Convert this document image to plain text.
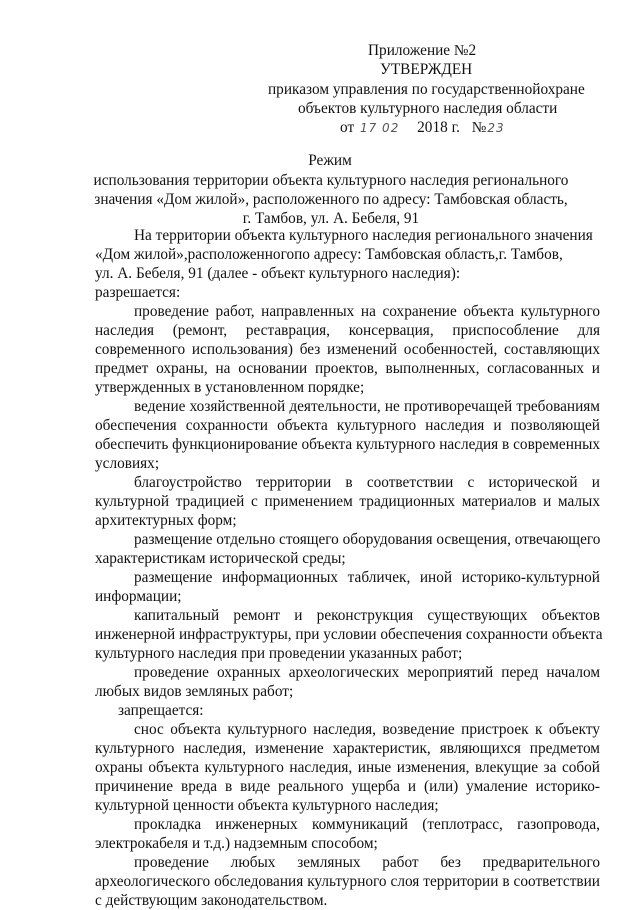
Приложение №2
УТВЕРЖДЕН
приказом управления по государственнойохране
объектов культурного наследия области
от 17 02 2018 г. №23
Режим
использования территории объекта культурного наследия регионального
значения «Дом жилой», расположенного по адресу: Тамбовская область,
г. Тамбов, ул. А. Бебеля, 91
На территории объекта культурного наследия регионального значения
«Дом жилой»,расположенногопо адресу: Тамбовская область,г. Тамбов,
ул. А. Бебеля, 91 (далее - объект культурного наследия):
разрешается:
проведение работ, направленных на сохранение объекта культурного
наследия (ремонт, реставрация, консервация, приспособление для
современного использования) без изменений особенностей, составляющих
предмет охраны, на основании проектов, выполненных, согласованных и
утвержденных в установленном порядке;
ведение хозяйственной деятельности, не противоречащей требованиям
обеспечения сохранности объекта культурного наследия и позволяющей
обеспечить функционирование объекта культурного наследия в современных
условиях;
благоустройство территории в соответствии с исторической и
культурной традицией с применением традиционных материалов и малых
архитектурных форм;
размещение отдельно стоящего оборудования освещения, отвечающего
характеристикам исторической среды;
размещение информационных табличек, иной историко-культурной
информации;
капитальный ремонт и реконструкция существующих объектов
инженерной инфраструктуры, при условии обеспечения сохранности объекта
культурного наследия при проведении указанных работ;
проведение охранных археологических мероприятий перед началом
любых видов земляных работ;
запрещается:
снос объекта культурного наследия, возведение пристроек к объекту
культурного наследия, изменение характеристик, являющихся предметом
охраны объекта культурного наследия, иные изменения, влекущие за собой
причинение вреда в виде реального ущерба и (или) умаление историко-
культурной ценности объекта культурного наследия;
прокладка инженерных коммуникаций (теплотрасс, газопровода,
электрокабеля и т.д.) надземным способом;
проведение любых земляных работ без предварительного
археологического обследования культурного слоя территории в соответствии
с действующим законодательством.
